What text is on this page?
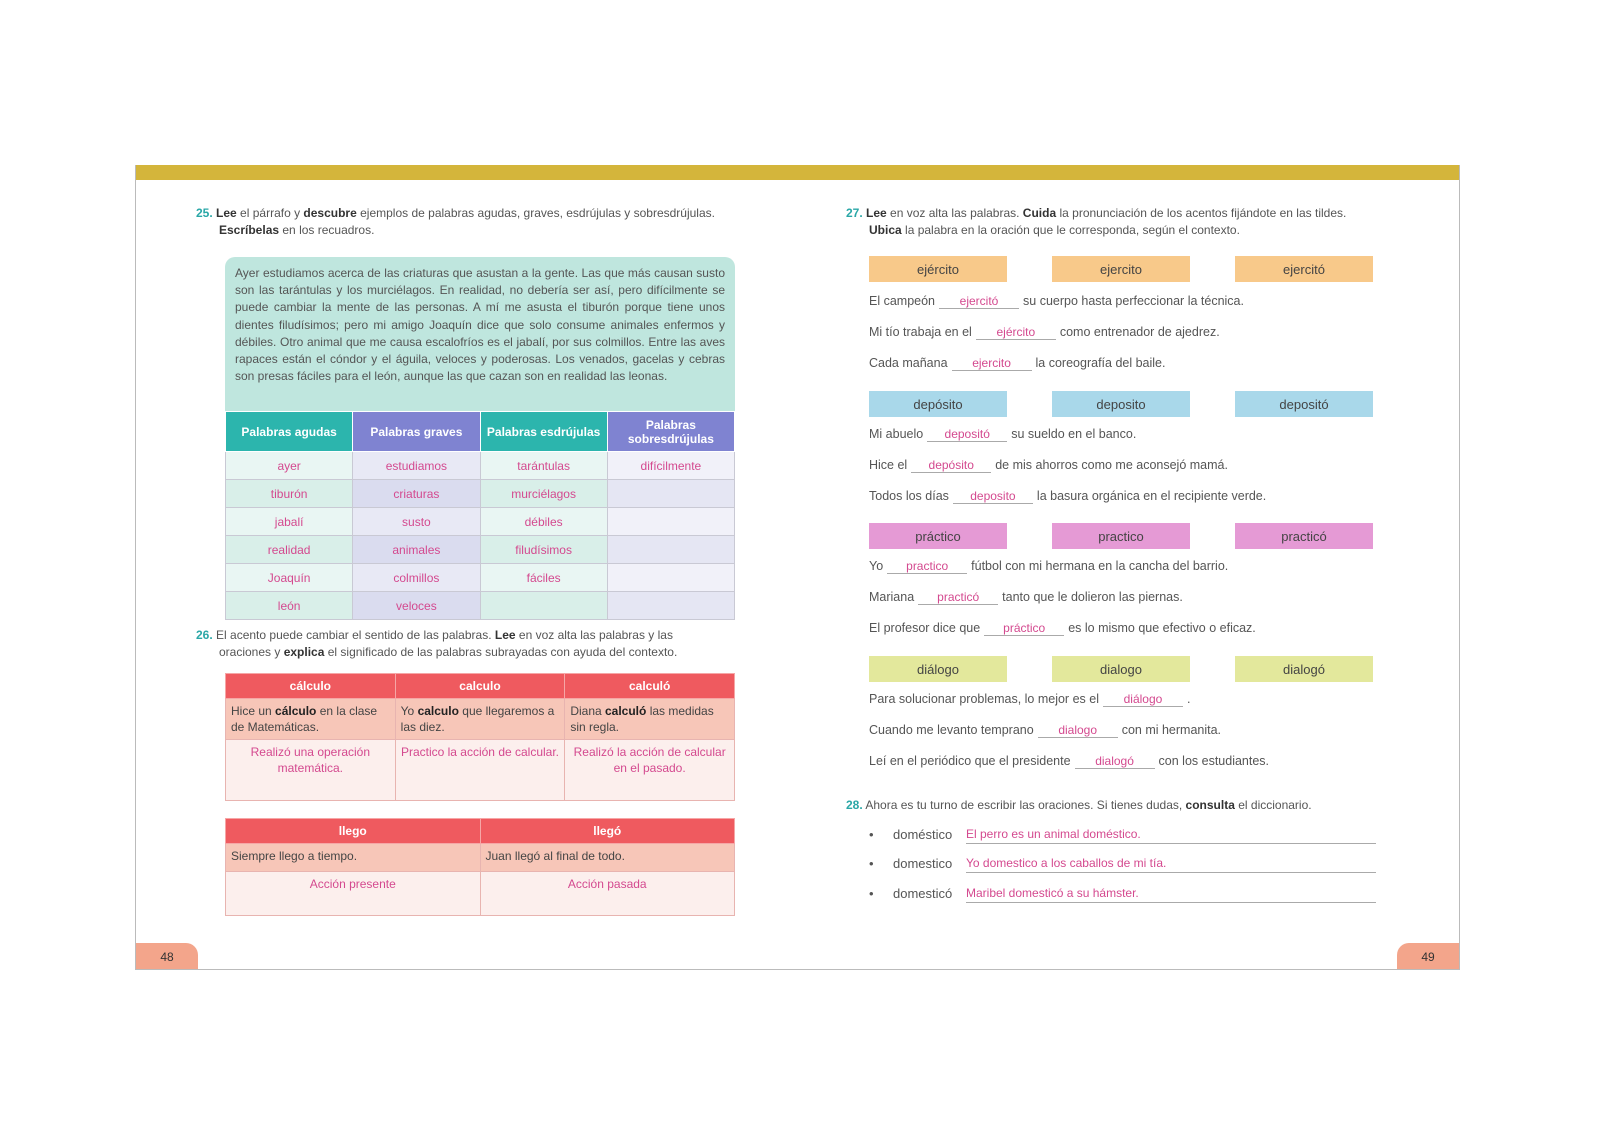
25. Lee el párrafo y descubre ejemplos de palabras agudas, graves, esdrújulas y sobresdrújulas.
Escríbelas en los recuadros.
Ayer estudiamos acerca de las criaturas que asustan a la gente. Las que más causan susto son las tarántulas y los murciélagos. En realidad, no debería ser así, pero difícilmente se puede cambiar la mente de las personas. A mí me asusta el tiburón porque tiene unos dientes filudísimos; pero mi amigo Joaquín dice que solo consume animales enfermos y débiles. Otro animal que me causa escalofríos es el jabalí, por sus colmillos. Entre las aves rapaces están el cóndor y el águila, veloces y poderosas. Los venados, gacelas y cebras son presas fáciles para el león, aunque las que cazan son en realidad las leonas.
Palabras agudas	Palabras graves	Palabras esdrújulas	Palabras sobresdrújulas
ayer	estudiamos	tarántulas	difícilmente
tiburón	criaturas	murciélagos	
jabalí	susto	débiles	
realidad	animales	filudísimos	
Joaquín	colmillos	fáciles	
león	veloces		
26. El acento puede cambiar el sentido de las palabras. Lee en voz alta las palabras y las
oraciones y explica el significado de las palabras subrayadas con ayuda del contexto.
cálculo	calculo	calculó
Hice un cálculo en la clase de Matemáticas.	Yo calculo que llegaremos a las diez.	Diana calculó las medidas sin regla.
Realizó una operación matemática.	Practico la acción de calcular.	Realizó la acción de calcular en el pasado.
llego	llegó
Siempre llego a tiempo.	Juan llegó al final de todo.
Acción presente	Acción pasada
48
27. Lee en voz alta las palabras. Cuida la pronunciación de los acentos fijándote en las tildes.
Ubica la palabra en la oración que le corresponda, según el contexto.
ejército	ejercito	ejercitó
El campeón ejercitó su cuerpo hasta perfeccionar la técnica.
Mi tío trabaja en el ejército como entrenador de ajedrez.
Cada mañana ejercito la coreografía del baile.
depósito	deposito	depositó
Mi abuelo depositó su sueldo en el banco.
Hice el depósito de mis ahorros como me aconsejó mamá.
Todos los días deposito la basura orgánica en el recipiente verde.
práctico	practico	practicó
Yo practico fútbol con mi hermana en la cancha del barrio.
Mariana practicó tanto que le dolieron las piernas.
El profesor dice que práctico es lo mismo que efectivo o eficaz.
diálogo	dialogo	dialogó
Para solucionar problemas, lo mejor es el diálogo .
Cuando me levanto temprano dialogo con mi hermanita.
Leí en el periódico que el presidente dialogó con los estudiantes.
28. Ahora es tu turno de escribir las oraciones. Si tienes dudas, consulta el diccionario.
• doméstico El perro es un animal doméstico.
• domestico Yo domestico a los caballos de mi tía.
• domesticó Maribel domesticó a su hámster.
49
